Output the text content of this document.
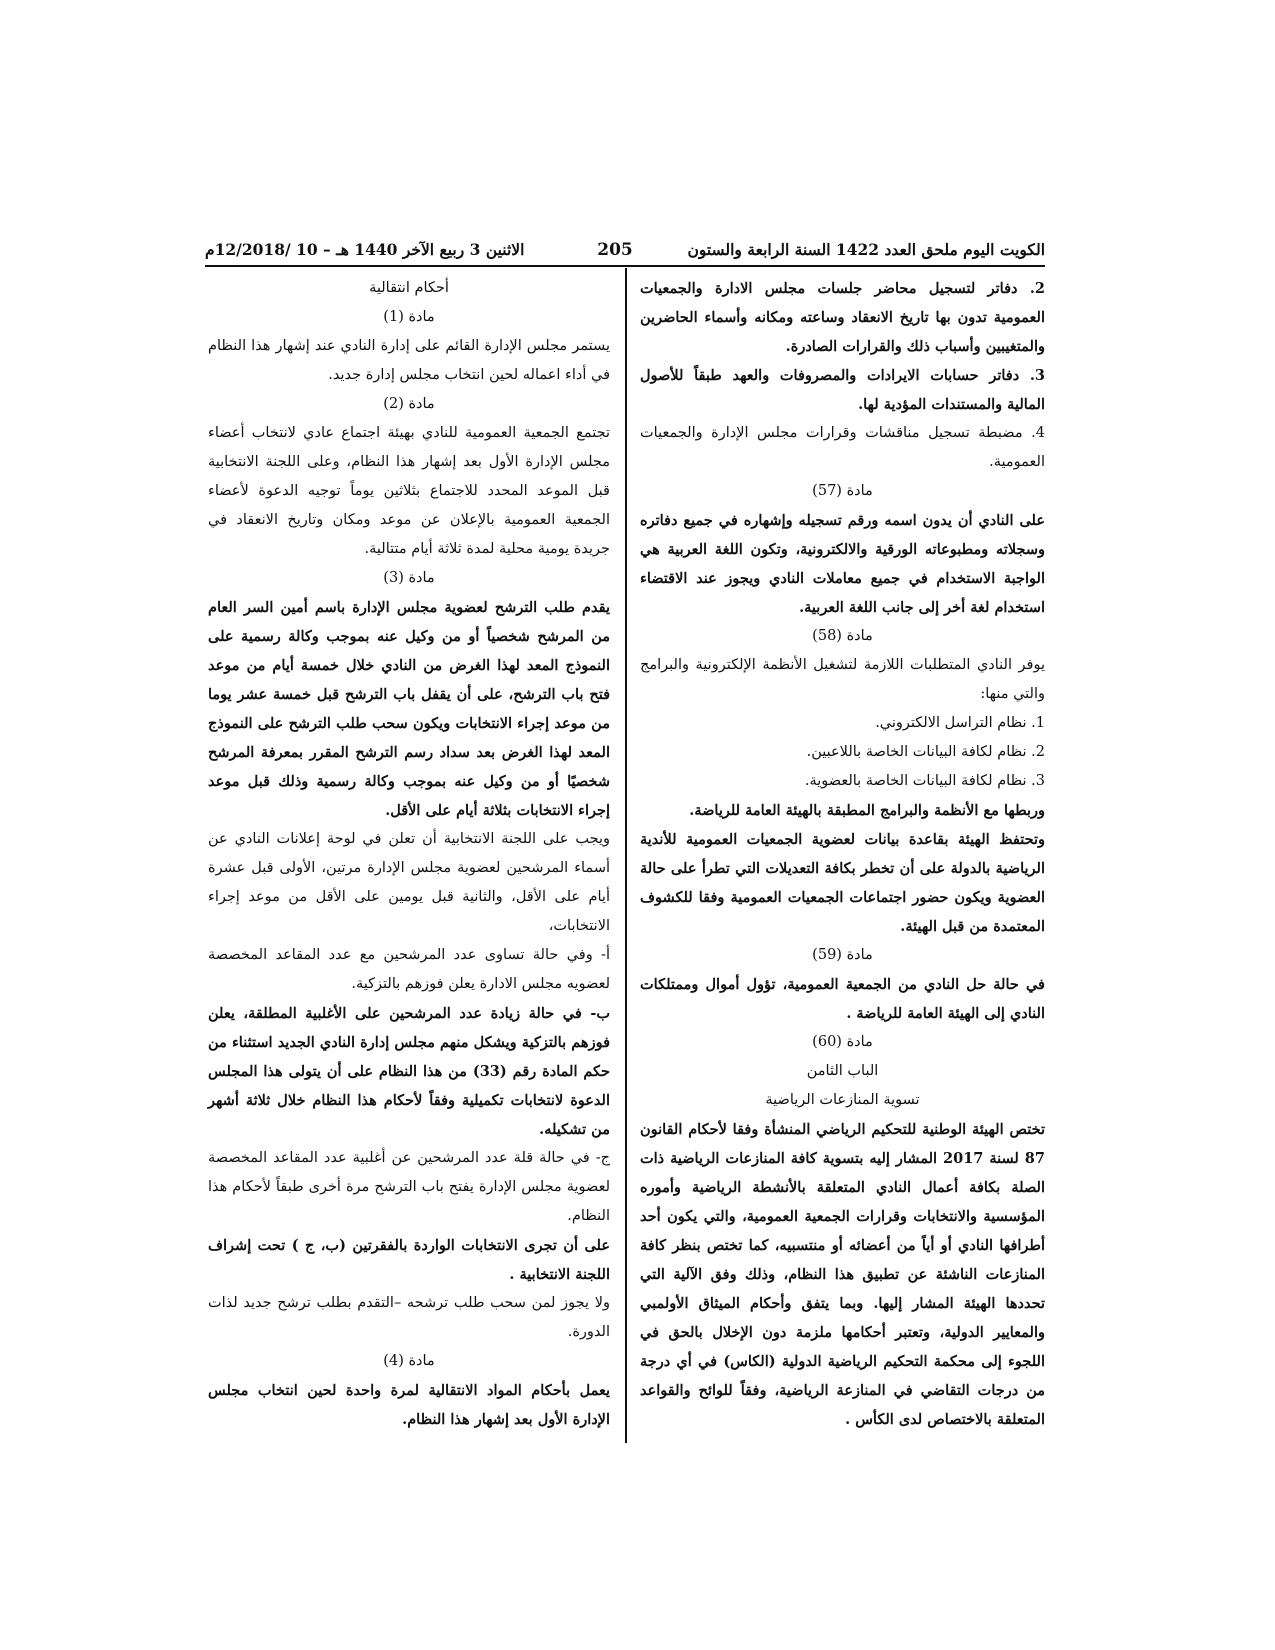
الكويت اليوم ملحق العدد 1422 السنة الرابعة والستون
205
الاثنين 3 ربيع الآخر 1440 هـ – 10 /12/2018م

2. دفاتر لتسجيل محاضر جلسات مجلس الادارة والجمعيات العمومية تدون بها تاريخ الانعقاد وساعته ومكانه وأسماء الحاضرين والمتغيبين وأسباب ذلك والقرارات الصادرة.

3. دفاتر حسابات الايرادات والمصروفات والعهد طبقاً للأصول المالية والمستندات المؤدية لها.

4. مضبطة تسجيل مناقشات وقرارات مجلس الإدارة والجمعيات العمومية.

مادة (57)

على النادي أن يدون اسمه ورقم تسجيله وإشهاره في جميع دفاتره وسجلاته ومطبوعاته الورقية والالكترونية، وتكون اللغة العربية هي الواجبة الاستخدام في جميع معاملات النادي ويجوز عند الاقتضاء استخدام لغة أخر إلى جانب اللغة العربية.

مادة (58)

يوفر النادي المتطلبات اللازمة لتشغيل الأنظمة الإلكترونية والبرامج والتي منها:

1. نظام التراسل الالكتروني.

2. نظام لكافة البيانات الخاصة باللاعبين.

3. نظام لكافة البيانات الخاصة بالعضوية.

وربطها مع الأنظمة والبرامج المطبقة بالهيئة العامة للرياضة.

وتحتفظ الهيئة بقاعدة بيانات لعضوية الجمعيات العمومية للأندية الرياضية بالدولة على أن تخطر بكافة التعديلات التي تطرأ على حالة العضوية ويكون حضور اجتماعات الجمعيات العمومية وفقا للكشوف المعتمدة من قبل الهيئة.

مادة (59)

في حالة حل النادي من الجمعية العمومية، تؤول أموال وممتلكات النادي إلى الهيئة العامة للرياضة .

مادة (60)

الباب الثامن

تسوية المنازعات الرياضية

تختص الهيئة الوطنية للتحكيم الرياضي المنشأة وفقا لأحكام القانون 87 لسنة 2017 المشار إليه بتسوية كافة المنازعات الرياضية ذات الصلة بكافة أعمال النادي المتعلقة بالأنشطة الرياضية وأموره المؤسسية والانتخابات وقرارات الجمعية العمومية، والتي يكون أحد أطرافها النادي أو أياً من أعضائه أو منتسبيه، كما تختص بنظر كافة المنازعات الناشئة عن تطبيق هذا النظام، وذلك وفق الآلية التي تحددها الهيئة المشار إليها. وبما يتفق وأحكام الميثاق الأولمبي والمعايير الدولية، وتعتبر أحكامها ملزمة دون الإخلال بالحق في اللجوء إلى محكمة التحكيم الرياضية الدولية (الكاس) في أي درجة من درجات التقاضي في المنازعة الرياضية، وفقاً للوائح والقواعد المتعلقة بالاختصاص لدى الكأس .

أحكام انتقالية

مادة (1)

يستمر مجلس الإدارة القائم على إدارة النادي عند إشهار هذا النظام في أداء اعماله لحين انتخاب مجلس إدارة جديد.

مادة (2)

تجتمع الجمعية العمومية للنادي بهيئة اجتماع عادي لانتخاب أعضاء مجلس الإدارة الأول بعد إشهار هذا النظام، وعلى اللجنة الانتخابية قبل الموعد المحدد للاجتماع بثلاثين يوماً توجيه الدعوة لأعضاء الجمعية العمومية بالإعلان عن موعد ومكان وتاريخ الانعقاد في جريدة يومية محلية لمدة ثلاثة أيام متتالية.

مادة (3)

يقدم طلب الترشح لعضوية مجلس الإدارة باسم أمين السر العام من المرشح شخصياً أو من وكيل عنه بموجب وكالة رسمية على النموذج المعد لهذا الغرض من النادي خلال خمسة أيام من موعد فتح باب الترشح، على أن يقفل باب الترشح قبل خمسة عشر يوما من موعد إجراء الانتخابات ويكون سحب طلب الترشح على النموذج المعد لهذا الغرض بعد سداد رسم الترشح المقرر بمعرفة المرشح شخصيًا أو من وكيل عنه بموجب وكالة رسمية وذلك قبل موعد إجراء الانتخابات بثلاثة أيام على الأقل.

ويجب على اللجنة الانتخابية أن تعلن في لوحة إعلانات النادي عن أسماء المرشحين لعضوية مجلس الإدارة مرتين، الأولى قبل عشرة أيام على الأقل، والثانية قبل يومين على الأقل من موعد إجراء الانتخابات،

أ- وفي حالة تساوى عدد المرشحين مع عدد المقاعد المخصصة لعضويه مجلس الادارة يعلن فوزهم بالتزكية.

ب- في حالة زيادة عدد المرشحين على الأغلبية المطلقة، يعلن فوزهم بالتزكية ويشكل منهم مجلس إدارة النادي الجديد استثناء من حكم المادة رقم (33) من هذا النظام على أن يتولى هذا المجلس الدعوة لانتخابات تكميلية وفقاً لأحكام هذا النظام خلال ثلاثة أشهر من تشكيله.

ج- في حالة قلة عدد المرشحين عن أغلبية عدد المقاعد المخصصة لعضوية مجلس الإدارة يفتح باب الترشح مرة أخرى طبقاً لأحكام هذا النظام.

على أن تجرى الانتخابات الواردة بالفقرتين (ب، ج ) تحت إشراف اللجنة الانتخابية .

ولا يجوز لمن سحب طلب ترشحه –التقدم بطلب ترشح جديد لذات الدورة.

مادة (4)

يعمل بأحكام المواد الانتقالية لمرة واحدة لحين انتخاب مجلس الإدارة الأول بعد إشهار هذا النظام.
